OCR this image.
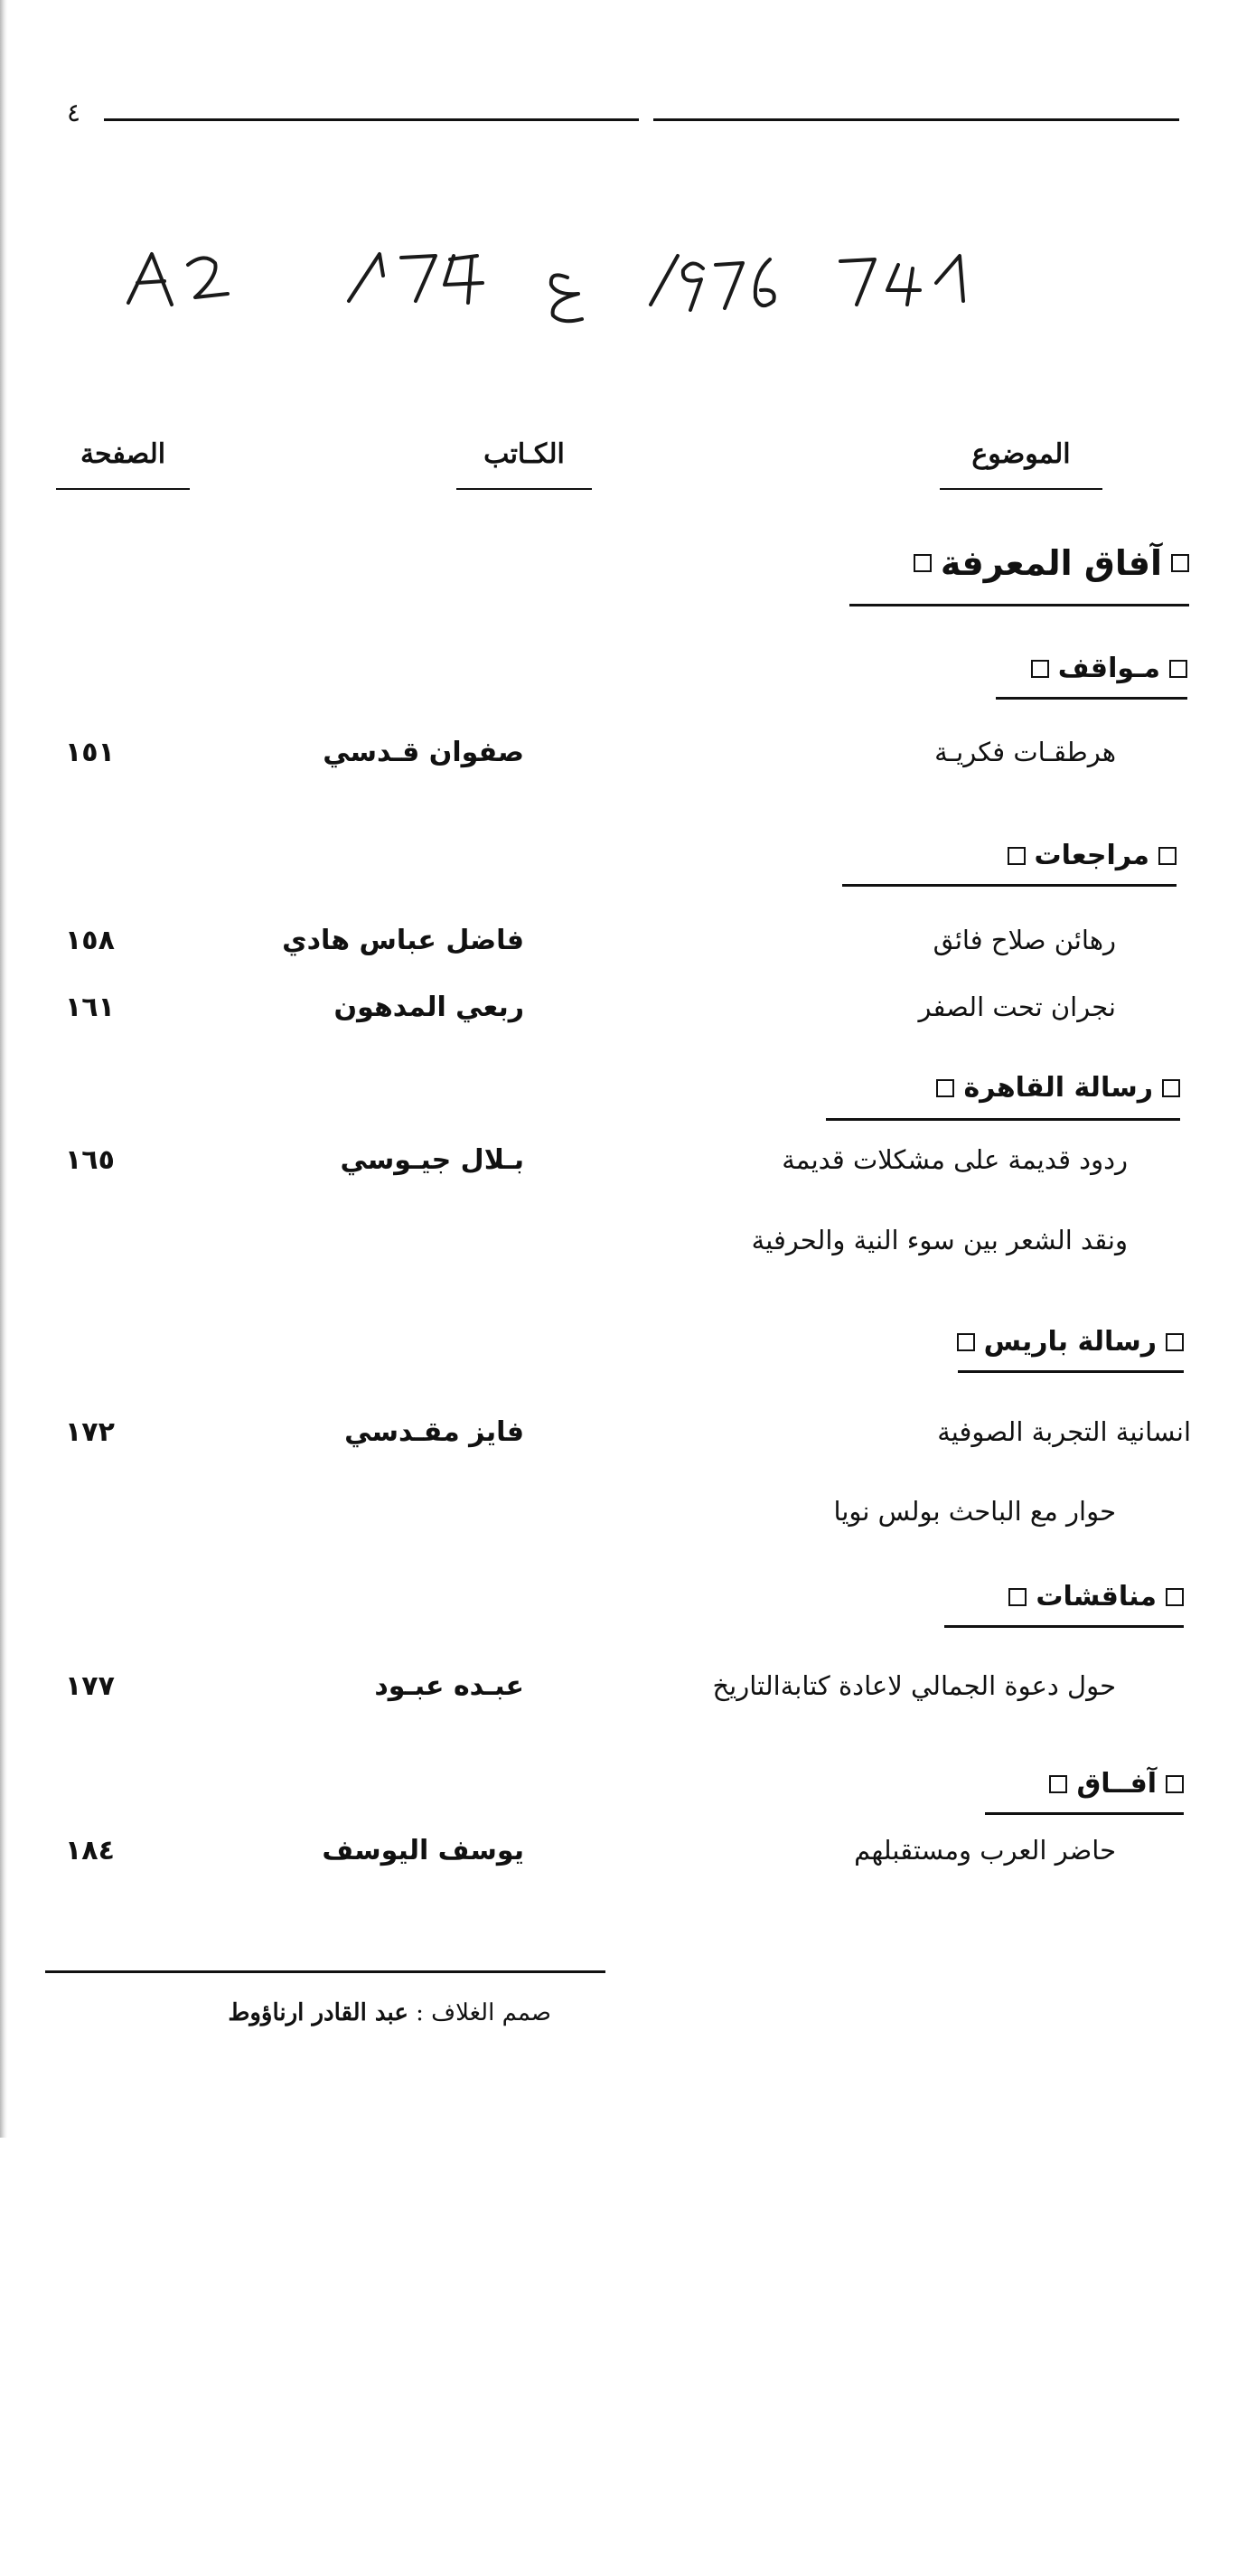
٤
الموضوع
الكـاتب
الصفحة
آفاق المعرفة
مـواقف
هرطقـات فكريـة
صفوان قـدسي
١٥١
مراجعات
رهائن صلاح فائق
فاضل عباس هادي
١٥٨
نجران تحت الصفر
ربعي المدهون
١٦١
رسالة القاهرة
ردود قديمة على مشكلات قديمة
بـلال جيـوسي
١٦٥
ونقد الشعر بين سوء النية والحرفية
رسالة باريس
انسانية التجربة الصوفية
فايز مقـدسي
١٧٢
حوار مع الباحث بولس نويا
مناقشات
حول دعوة الجمالي لاعادة كتابةالتاريخ
عبـده عبـود
١٧٧
آفــاق
حاضر العرب ومستقبلهم
يوسف اليوسف
١٨٤
صمم الغلاف : عبد القادر ارناؤوط
